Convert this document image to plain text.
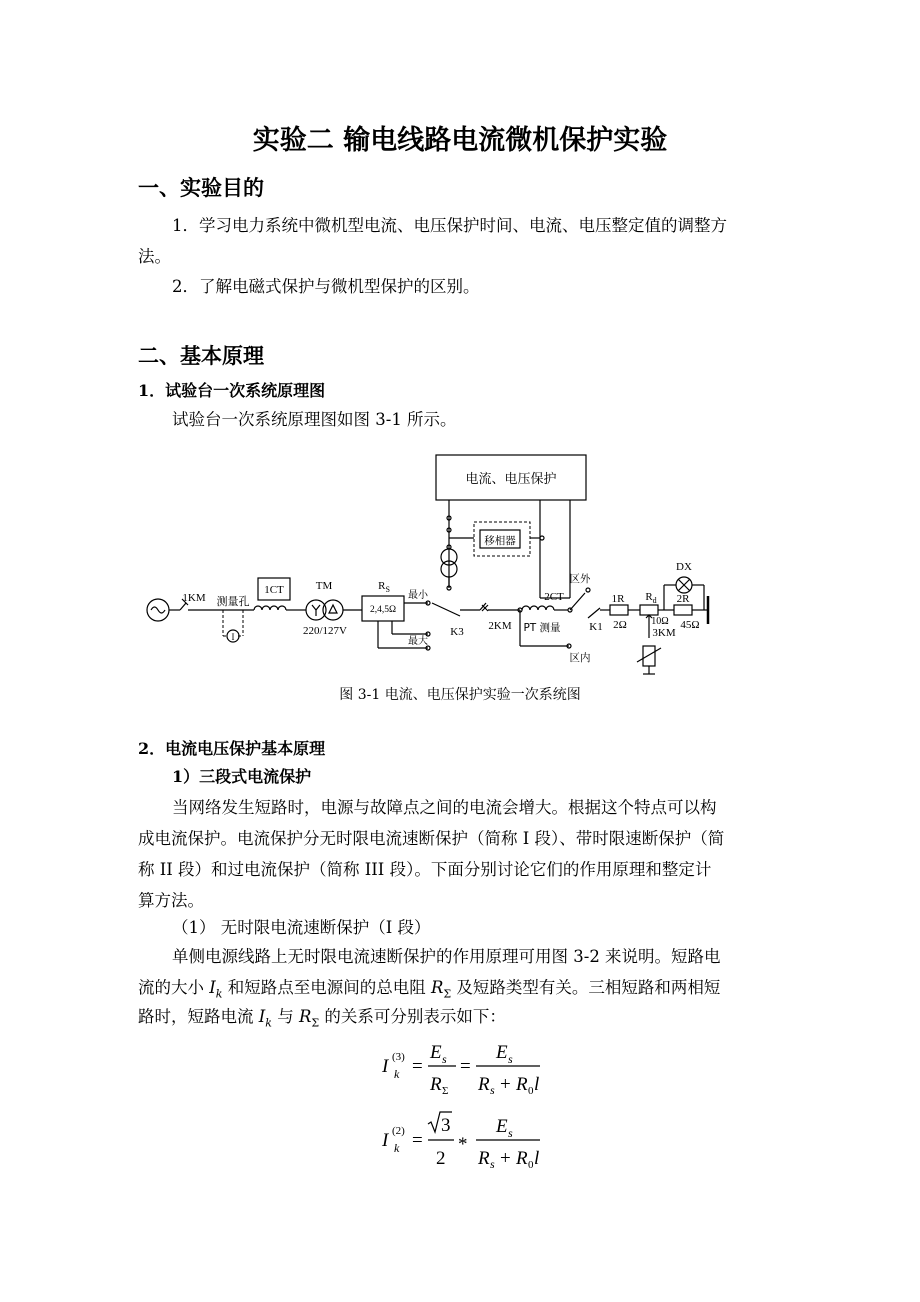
实验二 输电线路电流微机保护实验
一、实验目的
1．学习电力系统中微机型电流、电压保护时间、电流、电压整定值的调整方
法。
2．了解电磁式保护与微机型保护的区别。
二、基本原理
1．试验台一次系统原理图
试验台一次系统原理图如图 3-1 所示。
电流、电压保护
1KM 测量孔
I
1CT	TM
220/127V
$R_S$
2,4,5Ω
最小
最大
K3 2KM PT 测量
区内
移相器
2CT
区外
K1
1R
2Ω
$R_d$
10Ω
3KM
DX
2R
45Ω
图 3-1 电流、电压保护实验一次系统图
2．电流电压保护基本原理
1）三段式电流保护
当网络发生短路时，电源与故障点之间的电流会增大。根据这个特点可以构
成电流保护。电流保护分无时限电流速断保护（简称 I 段）、带时限速断保护（简
称 II 段）和过电流保护（简称 III 段）。下面分别讨论它们的作用原理和整定计
算方法。
（1） 无时限电流速断保护（I 段）
单侧电源线路上无时限电流速断保护的作用原理可用图 3-2 来说明。短路电
流的大小 $I_k$ 和短路点至电源间的总电阻 $R_\Sigma$ 及短路类型有关。三相短路和两相短
路时，短路电流 $I_k$ 与 $R_\Sigma$ 的关系可分别表示如下：
I (3)
k =
E s
R Σ
=
E s
R s + R 0 l
I (2)
k =
3
2
*
E s
R s + R 0 l
